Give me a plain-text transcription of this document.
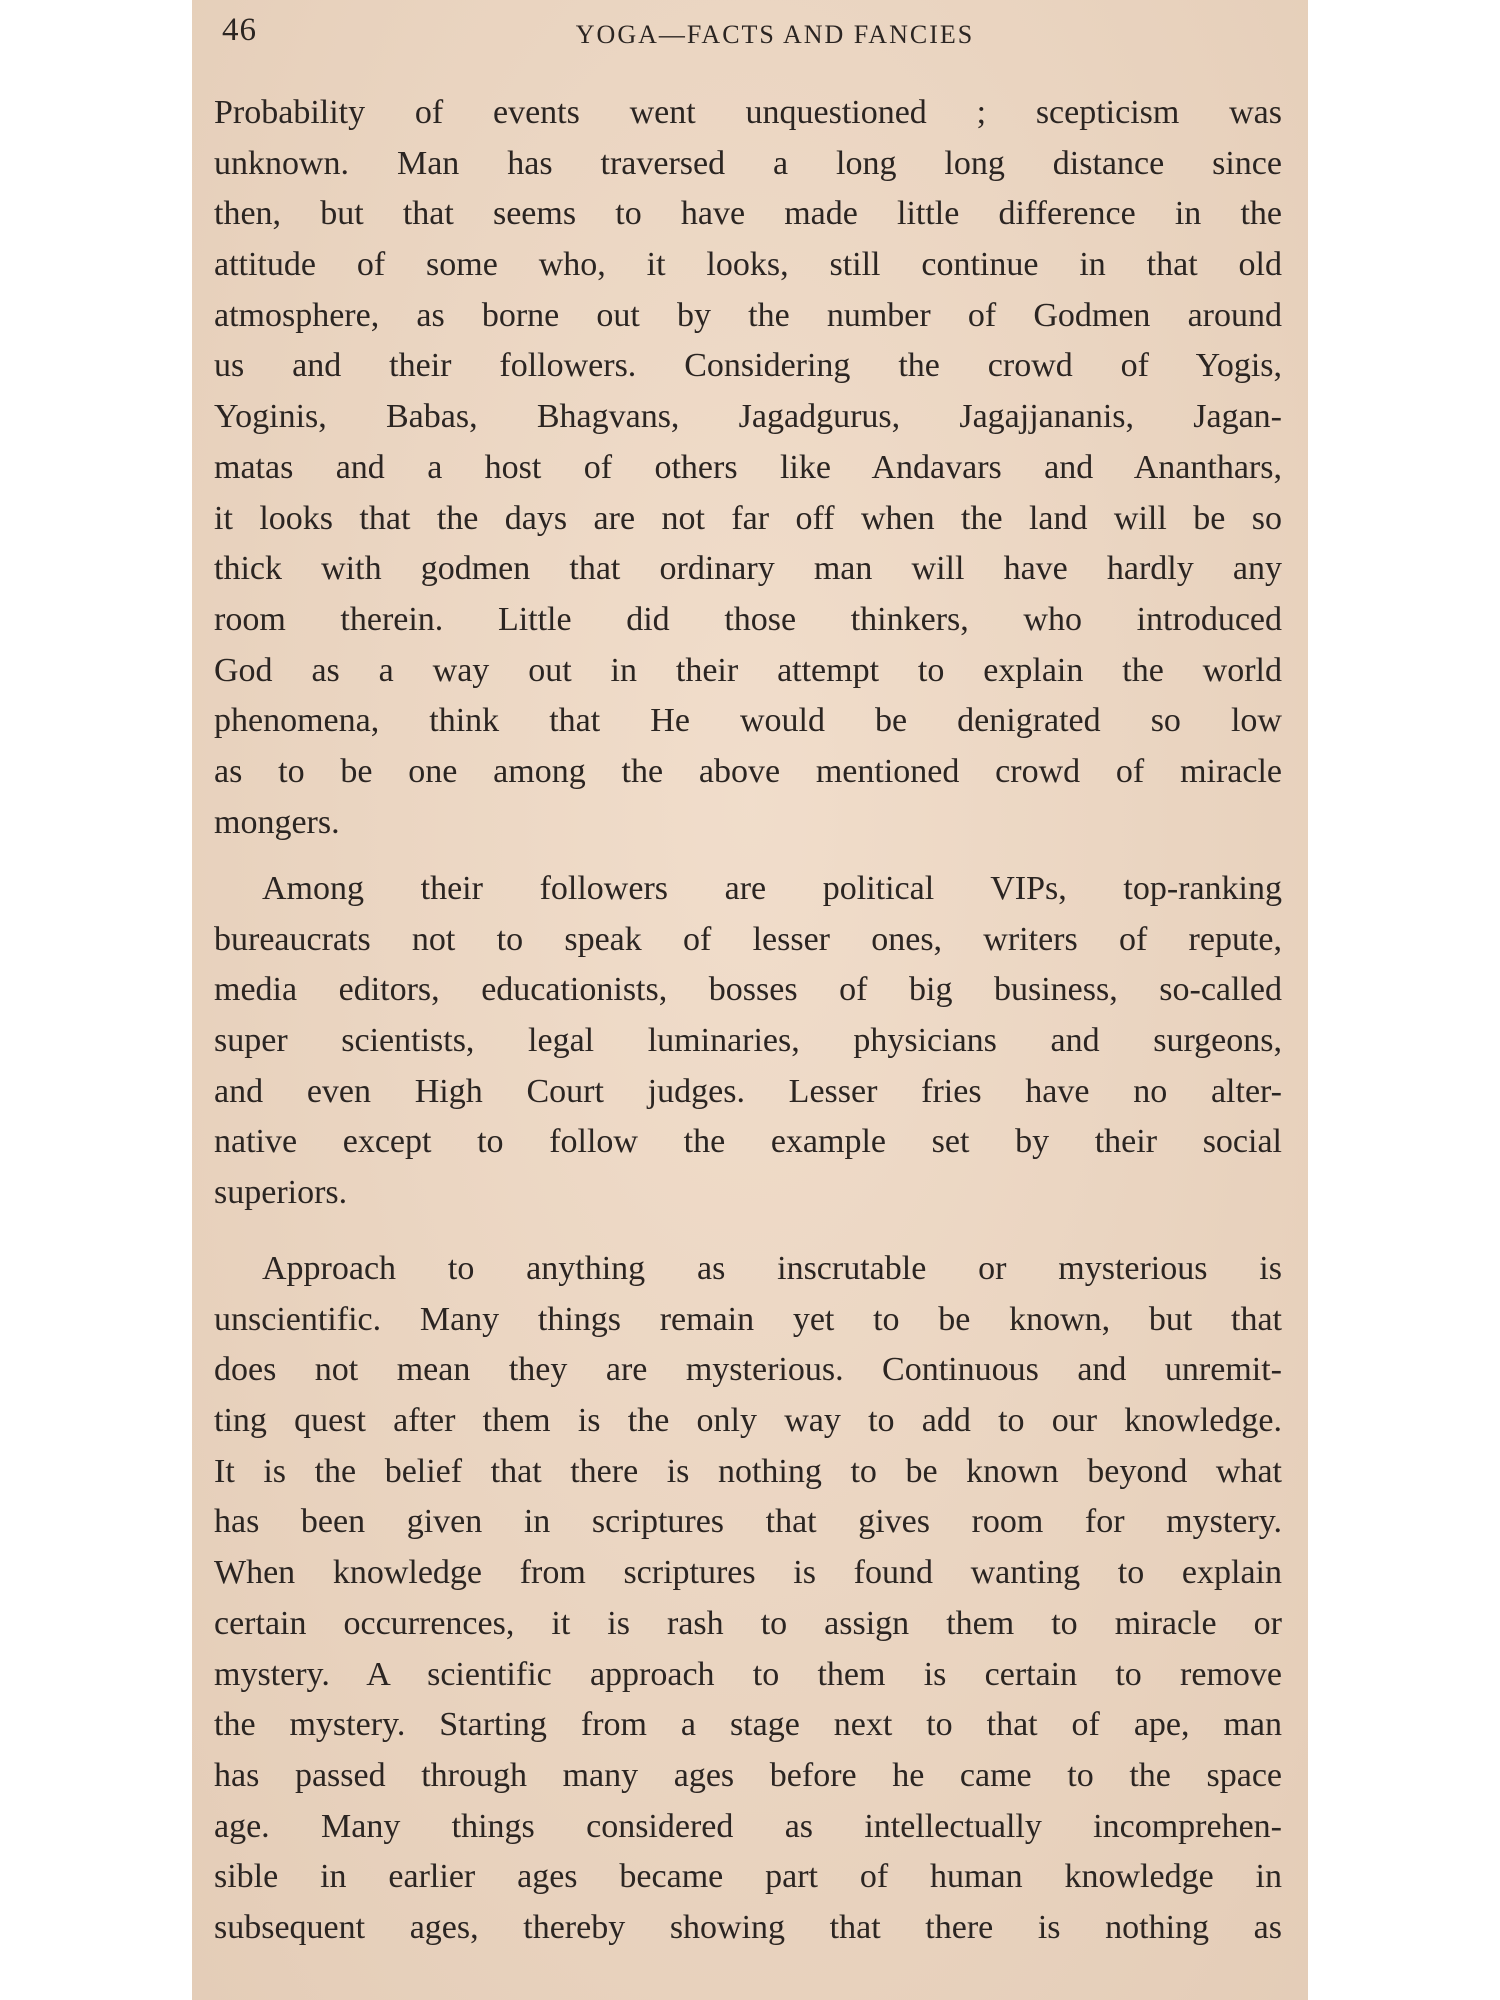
46	YOGA—FACTS AND FANCIES
Probability of events went unquestioned ; scepticism was
unknown. Man has traversed a long long distance since
then, but that seems to have made little difference in the
attitude of some who, it looks, still continue in that old
atmosphere, as borne out by the number of Godmen around
us and their followers. Considering the crowd of Yogis,
Yoginis, Babas, Bhagvans, Jagadgurus, Jagajjananis, Jagan-
matas and a host of others like Andavars and Ananthars,
it looks that the days are not far off when the land will be so
thick with godmen that ordinary man will have hardly any
room therein. Little did those thinkers, who introduced
God as a way out in their attempt to explain the world
phenomena, think that He would be denigrated so low
as to be one among the above mentioned crowd of miracle
mongers.
Among their followers are political VIPs, top-ranking
bureaucrats not to speak of lesser ones, writers of repute,
media editors, educationists, bosses of big business, so-called
super scientists, legal luminaries, physicians and surgeons,
and even High Court judges. Lesser fries have no alter-
native except to follow the example set by their social
superiors.
Approach to anything as inscrutable or mysterious is
unscientific. Many things remain yet to be known, but that
does not mean they are mysterious. Continuous and unremit-
ting quest after them is the only way to add to our knowledge.
It is the belief that there is nothing to be known beyond what
has been given in scriptures that gives room for mystery.
When knowledge from scriptures is found wanting to explain
certain occurrences, it is rash to assign them to miracle or
mystery. A scientific approach to them is certain to remove
the mystery. Starting from a stage next to that of ape, man
has passed through many ages before he came to the space
age. Many things considered as intellectually incomprehen-
sible in earlier ages became part of human knowledge in
subsequent ages, thereby showing that there is nothing as
